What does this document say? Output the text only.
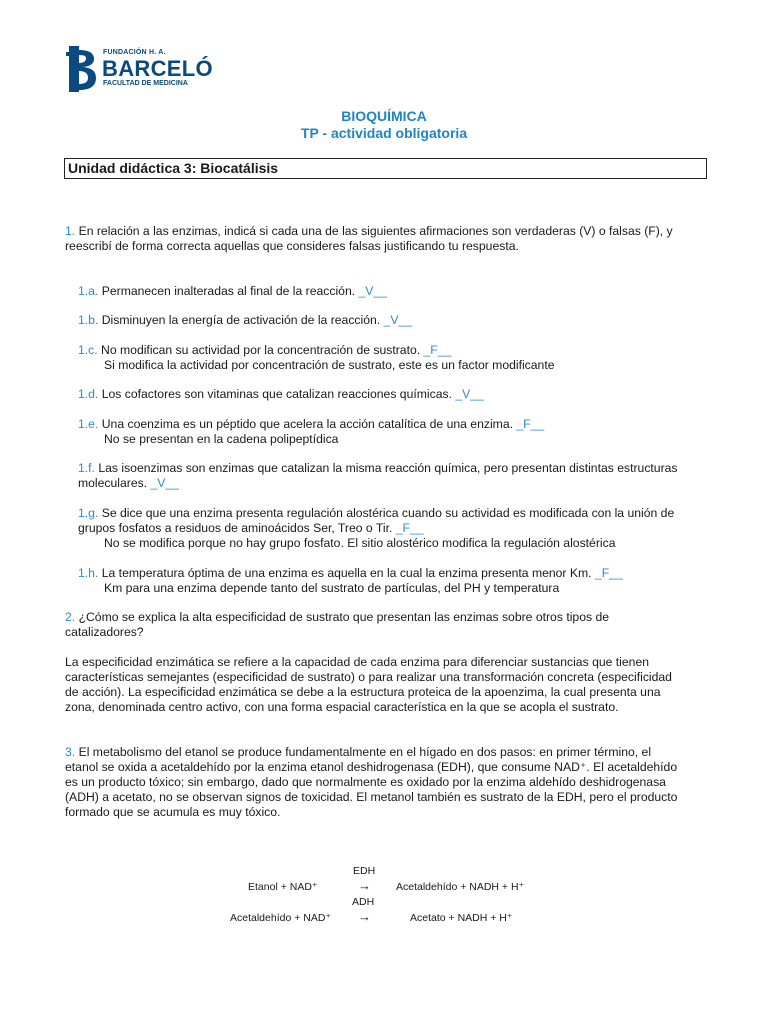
FUNDACIÓN H. A.
BARCELÓ
FACULTAD DE MEDICINA
BIOQUÍMICA
TP - actividad obligatoria
Unidad didáctica 3: Biocatálisis
1. En relación a las enzimas, indicá si cada una de las siguientes afirmaciones son verdaderas (V) o falsas (F), y
reescribí de forma correcta aquellas que consideres falsas justificando tu respuesta.
1.a. Permanecen inalteradas al final de la reacción. _V__
1.b. Disminuyen la energía de activación de la reacción. _V__
1.c. No modifican su actividad por la concentración de sustrato. _F__
Si modifica la actividad por concentración de sustrato, este es un factor modificante
1.d. Los cofactores son vitaminas que catalizan reacciones químicas. _V__
1.e. Una coenzima es un péptido que acelera la acción catalítica de una enzima. _F__
No se presentan en la cadena polipeptídica
1.f. Las isoenzimas son enzimas que catalizan la misma reacción química, pero presentan distintas estructuras
moleculares. _V__
1.g. Se dice que una enzima presenta regulación alostérica cuando su actividad es modificada con la unión de
grupos fosfatos a residuos de aminoácidos Ser, Treo o Tir. _F__
No se modifica porque no hay grupo fosfato. El sitio alostérico modifica la regulación alostérica
1.h. La temperatura óptima de una enzima es aquella en la cual la enzima presenta menor Km. _F__
Km para una enzima depende tanto del sustrato de partículas, del PH y temperatura
2. ¿Cómo se explica la alta especificidad de sustrato que presentan las enzimas sobre otros tipos de
catalizadores?
La especificidad enzimática se refiere a la capacidad de cada enzima para diferenciar sustancias que tienen
características semejantes (especificidad de sustrato) o para realizar una transformación concreta (especificidad
de acción). La especificidad enzimática se debe a la estructura proteica de la apoenzima, la cual presenta una
zona, denominada centro activo, con una forma espacial característica en la que se acopla el sustrato.
3. El metabolismo del etanol se produce fundamentalmente en el hígado en dos pasos: en primer término, el
etanol se oxida a acetaldehído por la enzima etanol deshidrogenasa (EDH), que consume NAD⁺. El acetaldehído
es un producto tóxico; sin embargo, dado que normalmente es oxidado por la enzima aldehído deshidrogenasa
(ADH) a acetato, no se observan signos de toxicidad. El metanol también es sustrato de la EDH, pero el producto
formado que se acumula es muy tóxico.
EDH
Etanol + NAD⁺	→ Acetaldehído + NADH + H⁺
ADH
Acetaldehído + NAD⁺ →	Acetato + NADH + H⁺
